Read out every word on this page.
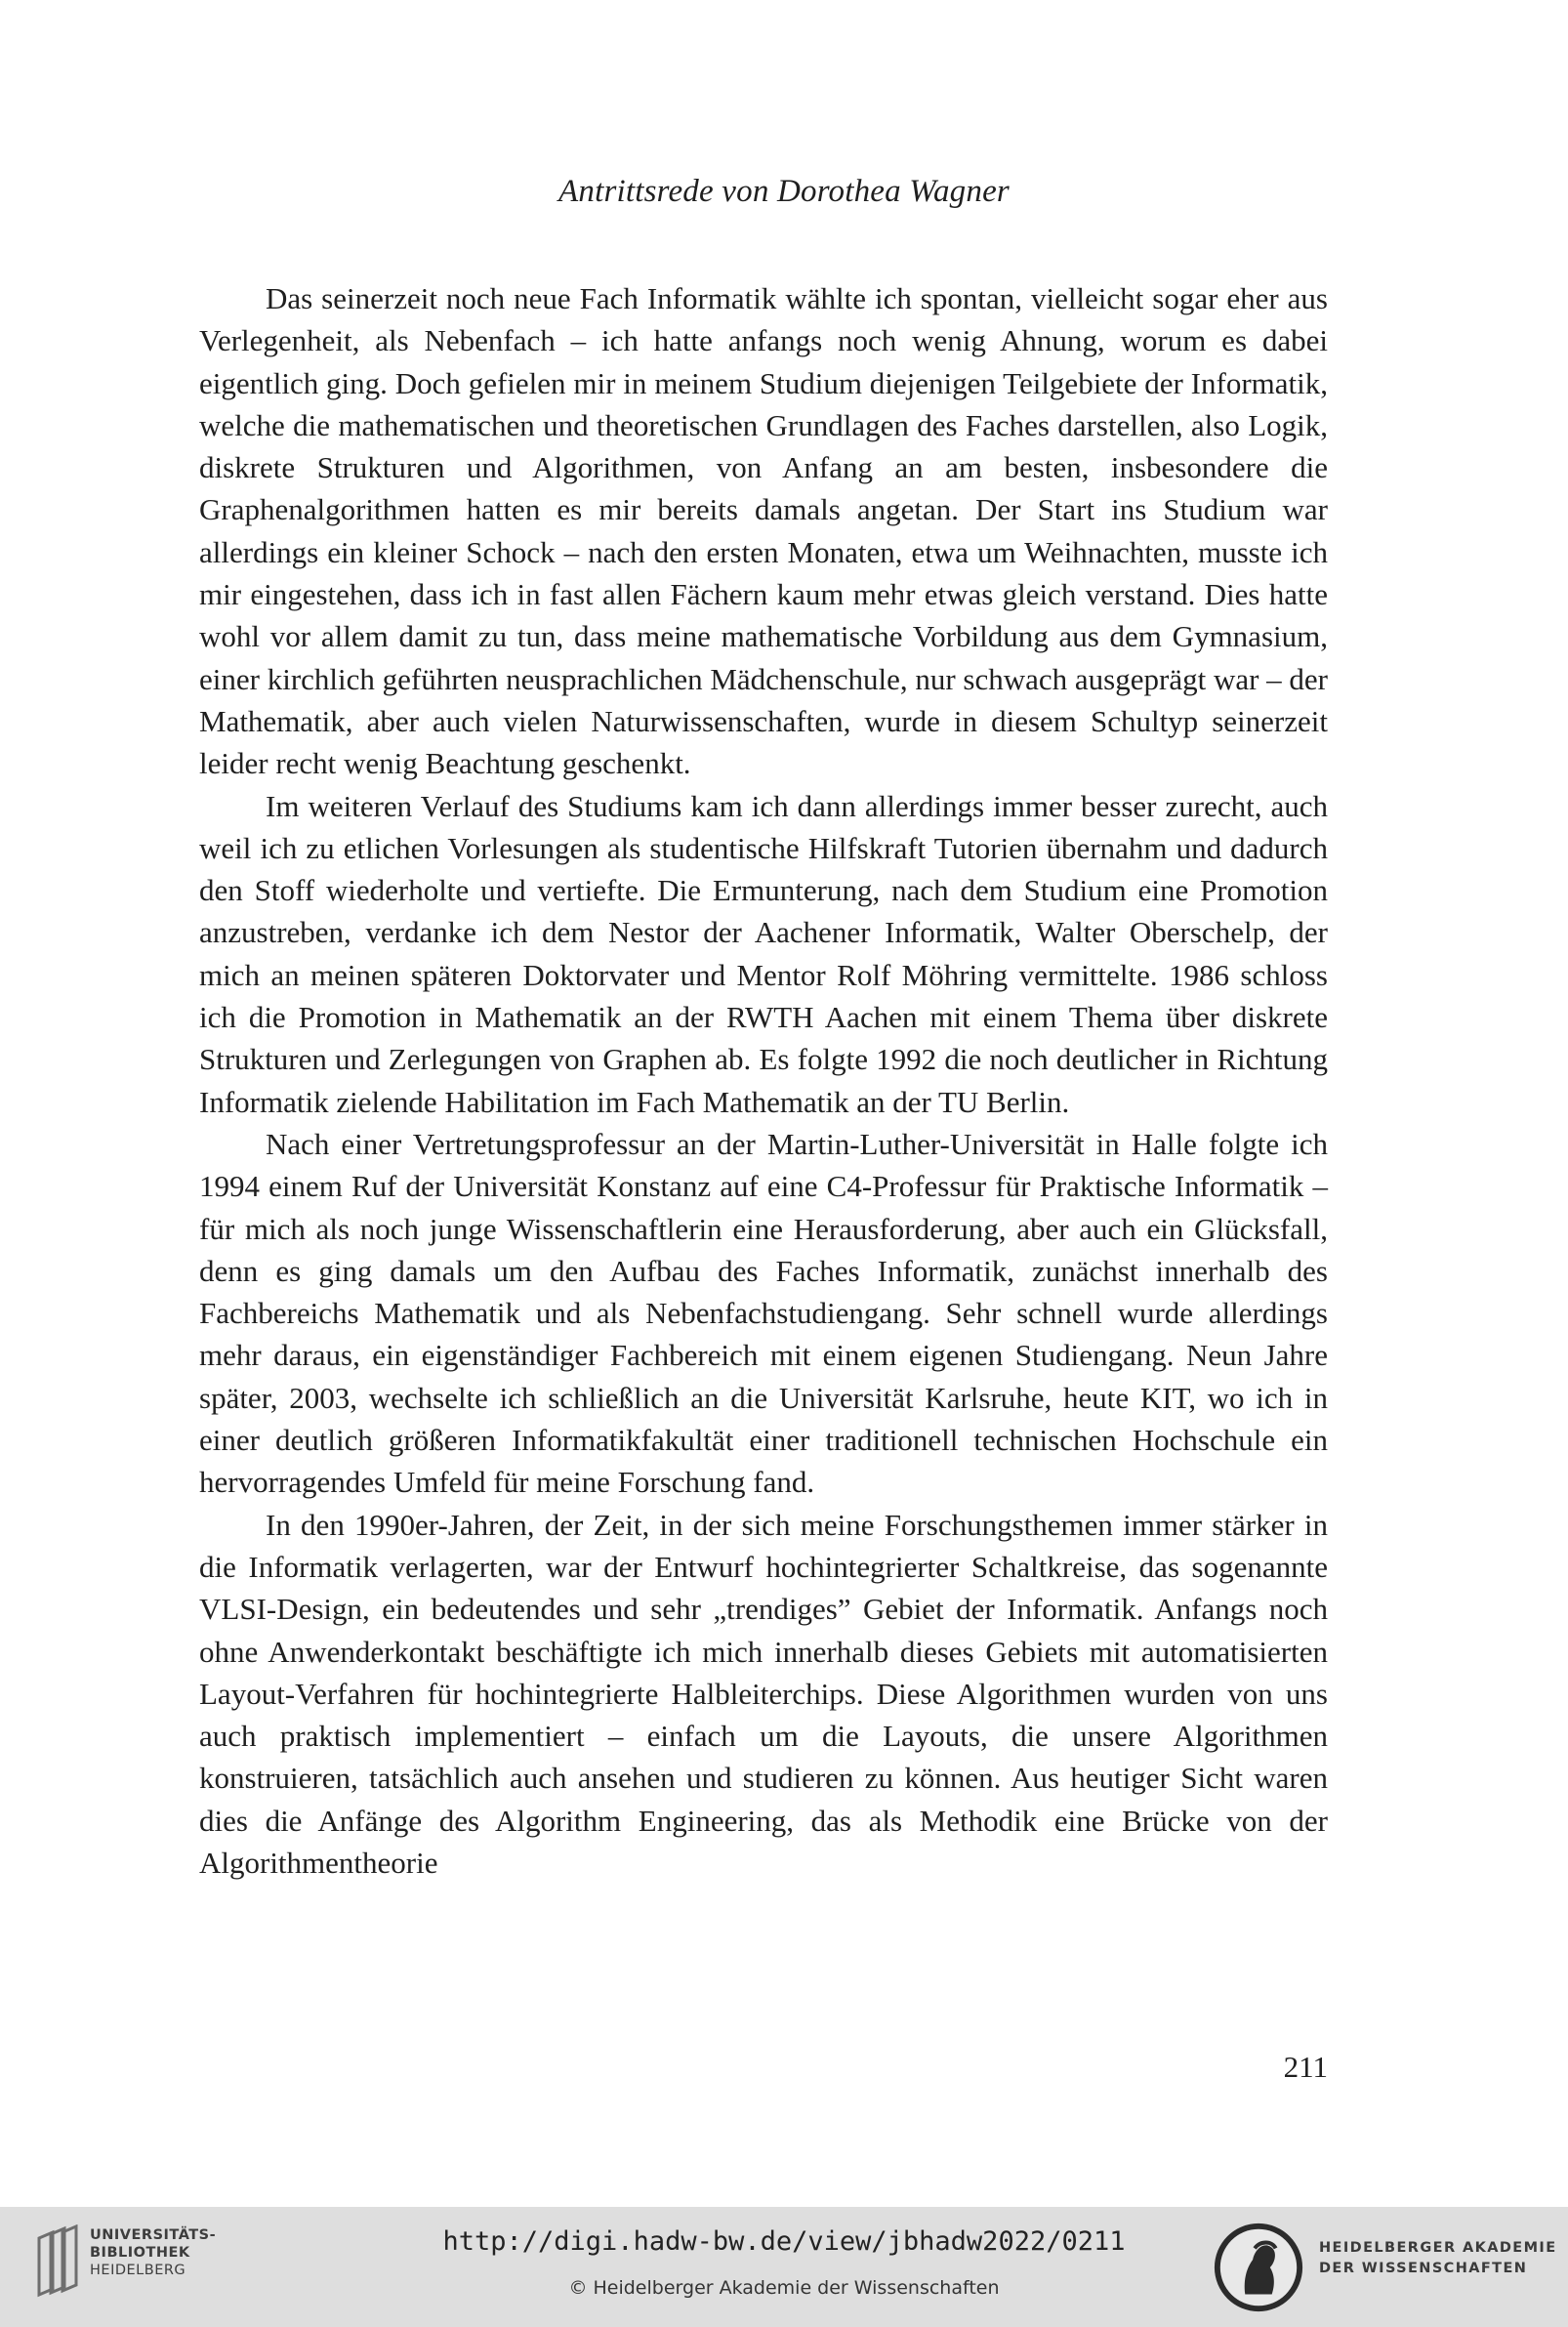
Antrittsrede von Dorothea Wagner

Das seinerzeit noch neue Fach Informatik wählte ich spontan, vielleicht sogar eher aus Verlegenheit, als Nebenfach – ich hatte anfangs noch wenig Ahnung, worum es dabei eigentlich ging. Doch gefielen mir in meinem Studium diejenigen Teilgebiete der Informatik, welche die mathematischen und theoretischen Grundlagen des Faches darstellen, also Logik, diskrete Strukturen und Algorithmen, von Anfang an am besten, insbesondere die Graphenalgorithmen hatten es mir bereits damals angetan. Der Start ins Studium war allerdings ein kleiner Schock – nach den ersten Monaten, etwa um Weihnachten, musste ich mir eingestehen, dass ich in fast allen Fächern kaum mehr etwas gleich verstand. Dies hatte wohl vor allem damit zu tun, dass meine mathematische Vorbildung aus dem Gymnasium, einer kirchlich geführten neusprachlichen Mädchenschule, nur schwach ausgeprägt war – der Mathematik, aber auch vielen Naturwissenschaften, wurde in diesem Schultyp seinerzeit leider recht wenig Beachtung geschenkt.

Im weiteren Verlauf des Studiums kam ich dann allerdings immer besser zurecht, auch weil ich zu etlichen Vorlesungen als studentische Hilfskraft Tutorien übernahm und dadurch den Stoff wiederholte und vertiefte. Die Ermunterung, nach dem Studium eine Promotion anzustreben, verdanke ich dem Nestor der Aachener Informatik, Walter Oberschelp, der mich an meinen späteren Doktorvater und Mentor Rolf Möhring vermittelte. 1986 schloss ich die Promotion in Mathematik an der RWTH Aachen mit einem Thema über diskrete Strukturen und Zerlegungen von Graphen ab. Es folgte 1992 die noch deutlicher in Richtung Informatik zielende Habilitation im Fach Mathematik an der TU Berlin.

Nach einer Vertretungsprofessur an der Martin-Luther-Universität in Halle folgte ich 1994 einem Ruf der Universität Konstanz auf eine C4-Professur für Praktische Informatik – für mich als noch junge Wissenschaftlerin eine Herausforderung, aber auch ein Glücksfall, denn es ging damals um den Aufbau des Faches Informatik, zunächst innerhalb des Fachbereichs Mathematik und als Nebenfachstudiengang. Sehr schnell wurde allerdings mehr daraus, ein eigenständiger Fachbereich mit einem eigenen Studiengang. Neun Jahre später, 2003, wechselte ich schließlich an die Universität Karlsruhe, heute KIT, wo ich in einer deutlich größeren Informatikfakultät einer traditionell technischen Hochschule ein hervorragendes Umfeld für meine Forschung fand.

In den 1990er-Jahren, der Zeit, in der sich meine Forschungsthemen immer stärker in die Informatik verlagerten, war der Entwurf hochintegrierter Schaltkreise, das sogenannte VLSI-Design, ein bedeutendes und sehr „trendiges” Gebiet der Informatik. Anfangs noch ohne Anwenderkontakt beschäftigte ich mich innerhalb dieses Gebiets mit automatisierten Layout-Verfahren für hochintegrierte Halbleiterchips. Diese Algorithmen wurden von uns auch praktisch implementiert – einfach um die Layouts, die unsere Algorithmen konstruieren, tatsächlich auch ansehen und studieren zu können. Aus heutiger Sicht waren dies die Anfänge des Algorithm Engineering, das als Methodik eine Brücke von der Algorithmentheorie

211
UNIVERSITÄTS-
BIBLIOTHEK
HEIDELBERG
http://digi.hadw-bw.de/view/jbhadw2022/0211
© Heidelberger Akademie der Wissenschaften
HEIDELBERGER AKADEMIE
DER WISSENSCHAFTEN
